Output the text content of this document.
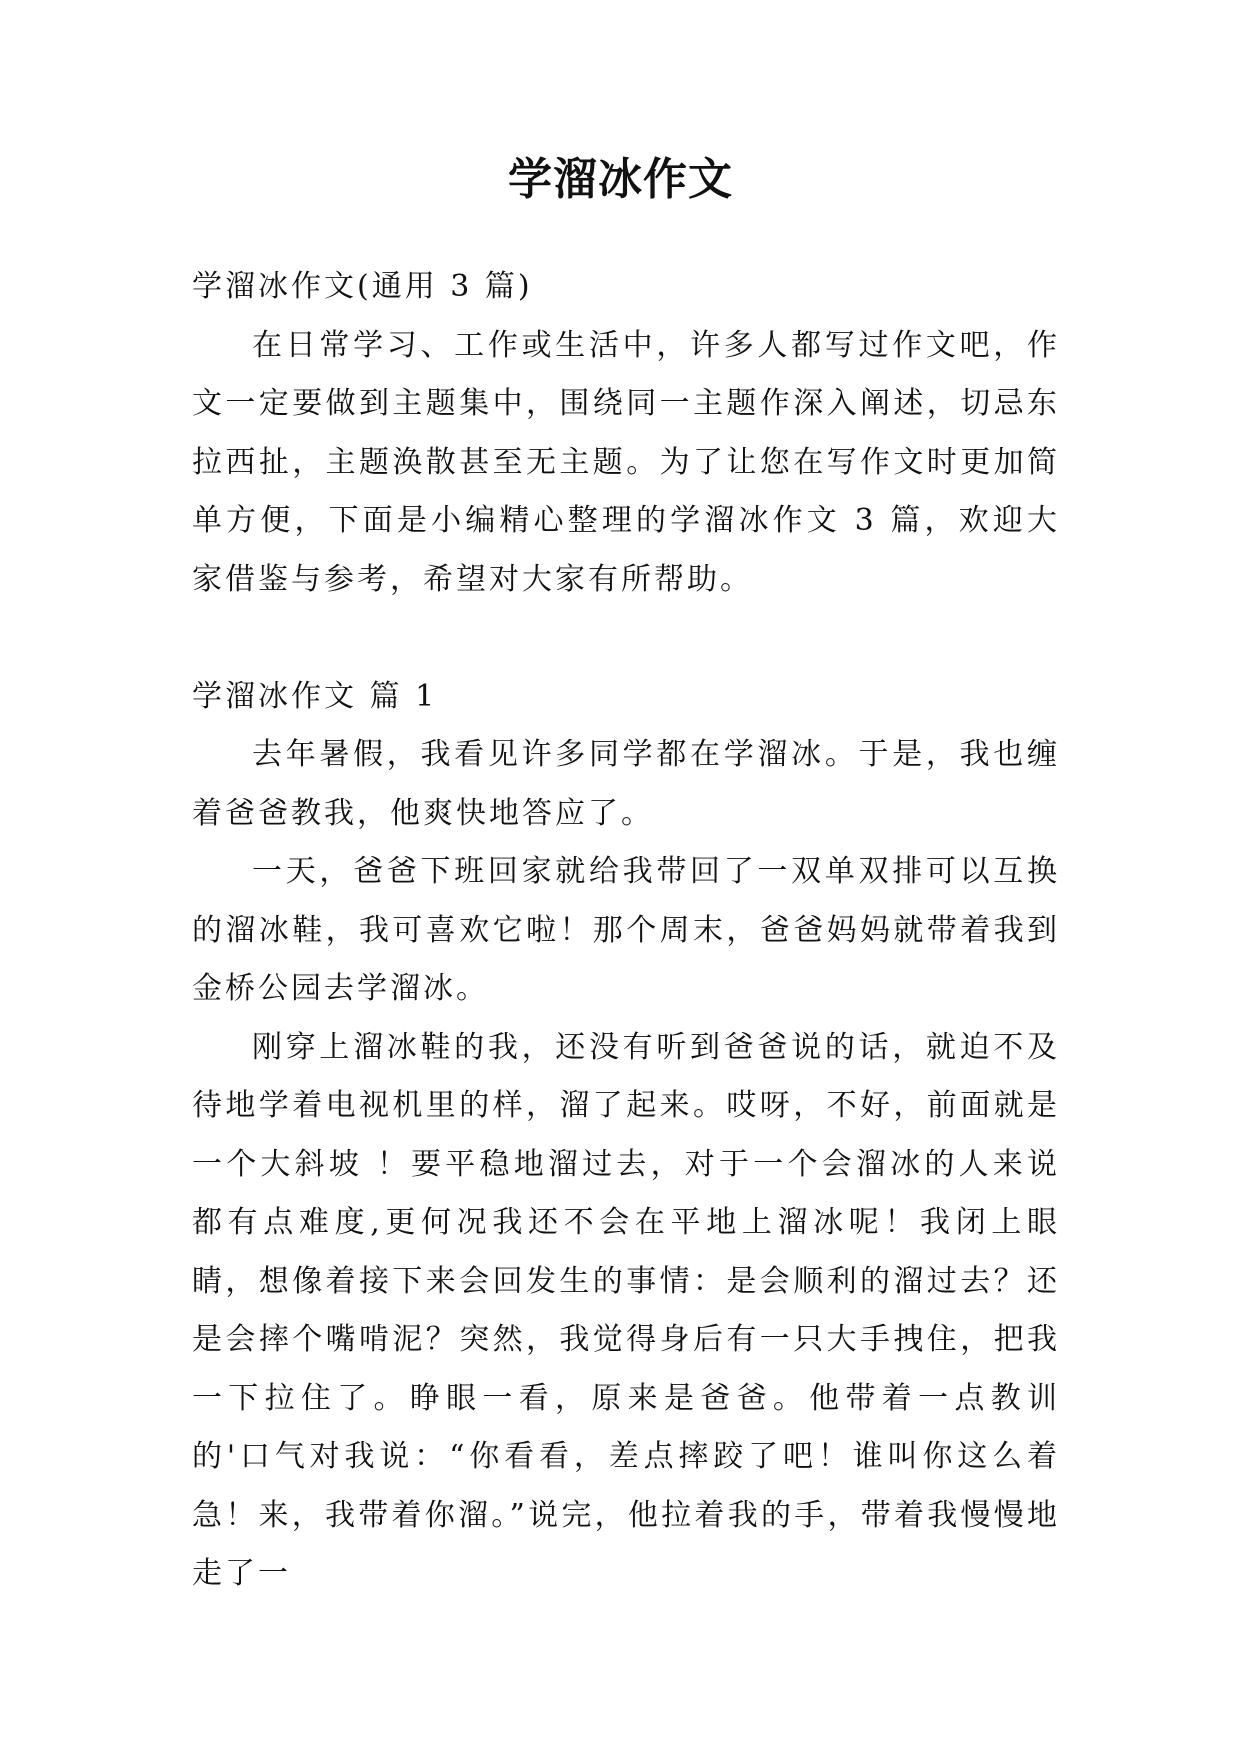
学溜冰作文

学溜冰作文(通用 3 篇)

在日常学习、工作或生活中，许多人都写过作文吧，作文一定要做到主题集中，围绕同一主题作深入阐述，切忌东拉西扯，主题涣散甚至无主题。为了让您在写作文时更加简单方便，下面是小编精心整理的学溜冰作文 3 篇，欢迎大家借鉴与参考，希望对大家有所帮助。

学溜冰作文 篇 1

去年暑假，我看见许多同学都在学溜冰。于是，我也缠着爸爸教我，他爽快地答应了。

一天，爸爸下班回家就给我带回了一双单双排可以互换的溜冰鞋，我可喜欢它啦！那个周末，爸爸妈妈就带着我到金桥公园去学溜冰。

刚穿上溜冰鞋的我，还没有听到爸爸说的话，就迫不及待地学着电视机里的样，溜了起来。哎呀，不好，前面就是一个大斜坡 ！要平稳地溜过去，对于一个会溜冰的人来说都有点难度,更何况我还不会在平地上溜冰呢！我闭上眼睛，想像着接下来会回发生的事情：是会顺利的溜过去？还是会摔个嘴啃泥？突然，我觉得身后有一只大手拽住，把我一下拉住了。睁眼一看，原来是爸爸。他带着一点教训的'口气对我说：“你看看，差点摔跤了吧！谁叫你这么着急！来，我带着你溜。”说完，他拉着我的手，带着我慢慢地走了一
